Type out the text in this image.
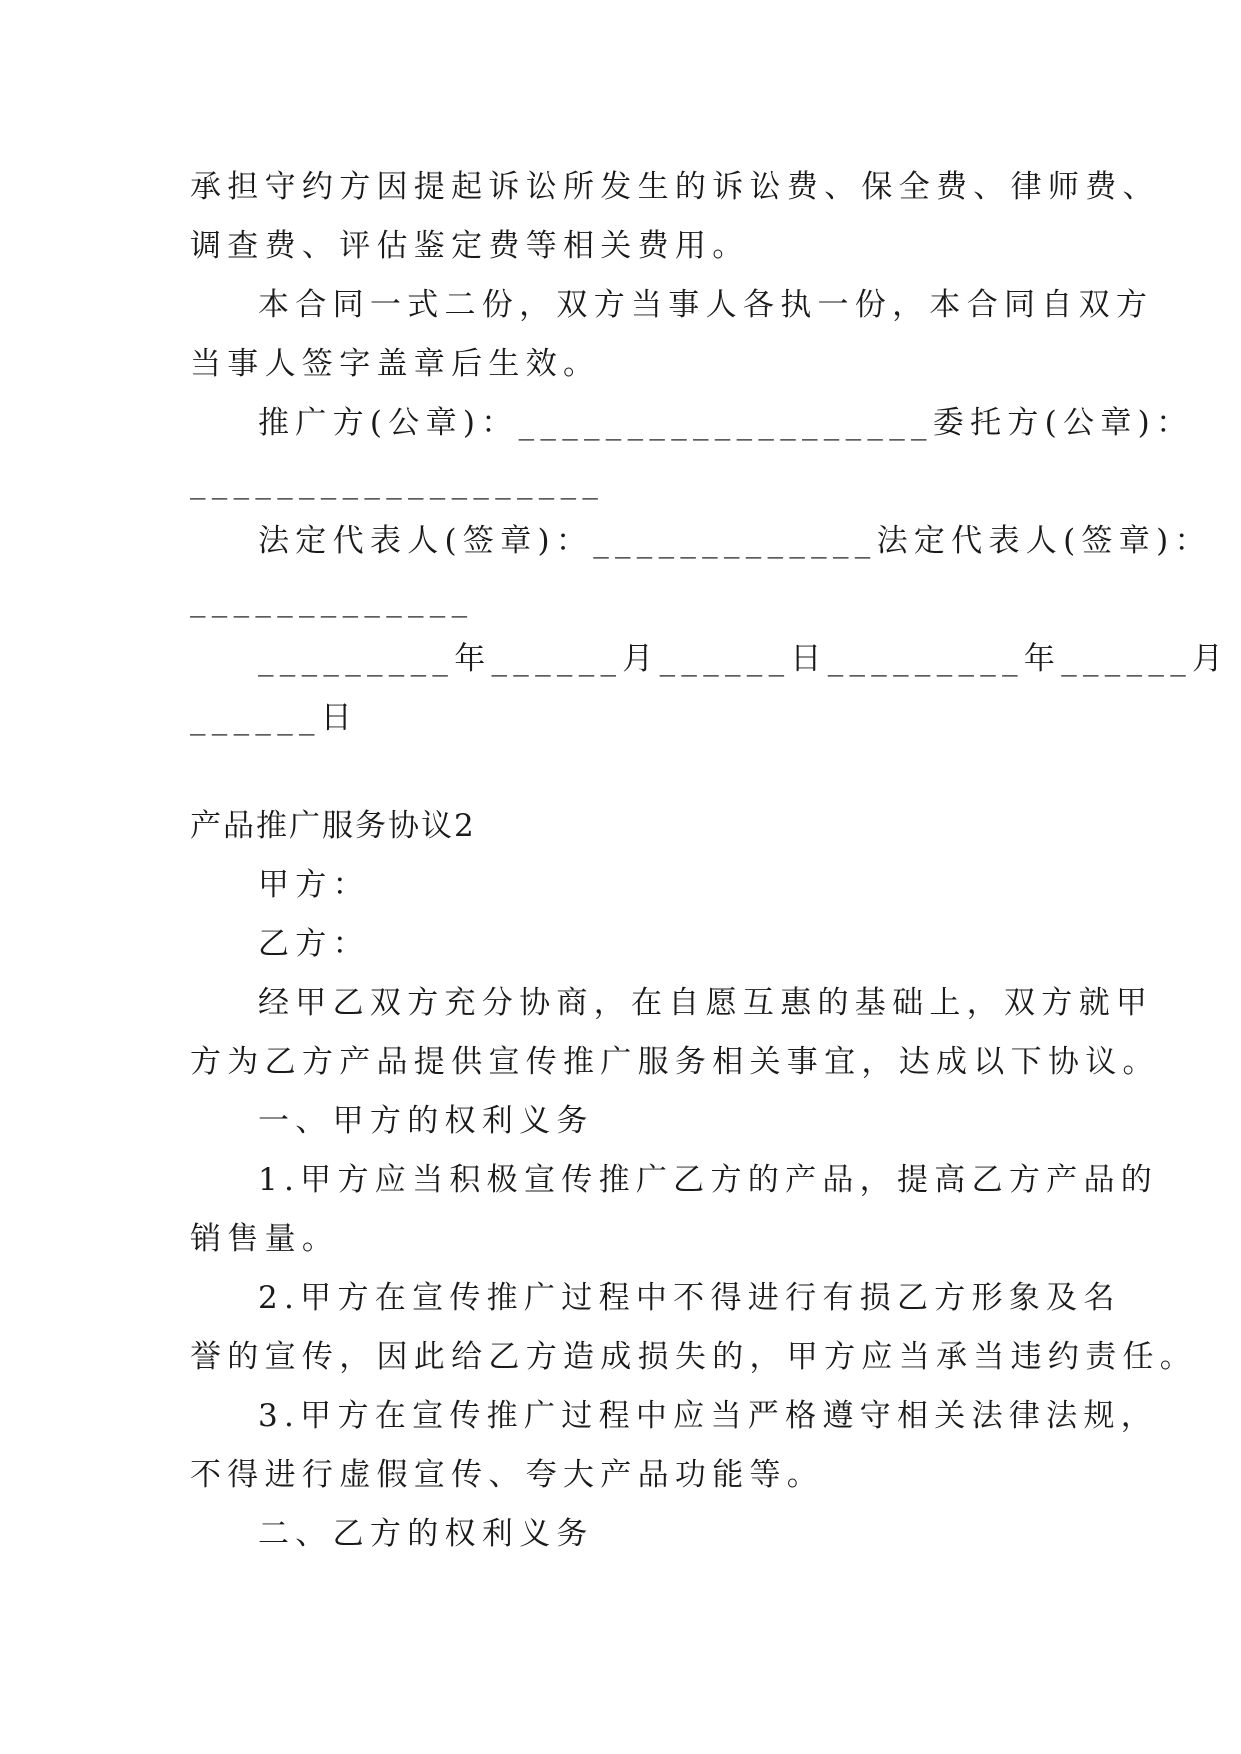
承担守约方因提起诉讼所发生的诉讼费、保全费、律师费、
调查费、评估鉴定费等相关费用。
本合同一式二份，双方当事人各执一份，本合同自双方
当事人签字盖章后生效。
推广方(公章)：___________________委托方(公章)：
___________________
法定代表人(签章)：_____________法定代表人(签章)：
_____________
_________年______月______日_________年______月
______日
产品推广服务协议2
甲方：
乙方：
经甲乙双方充分协商，在自愿互惠的基础上，双方就甲
方为乙方产品提供宣传推广服务相关事宜，达成以下协议。
一、甲方的权利义务
1.甲方应当积极宣传推广乙方的产品，提高乙方产品的
销售量。
2.甲方在宣传推广过程中不得进行有损乙方形象及名
誉的宣传，因此给乙方造成损失的，甲方应当承当违约责任。
3.甲方在宣传推广过程中应当严格遵守相关法律法规，
不得进行虚假宣传、夸大产品功能等。
二、乙方的权利义务
